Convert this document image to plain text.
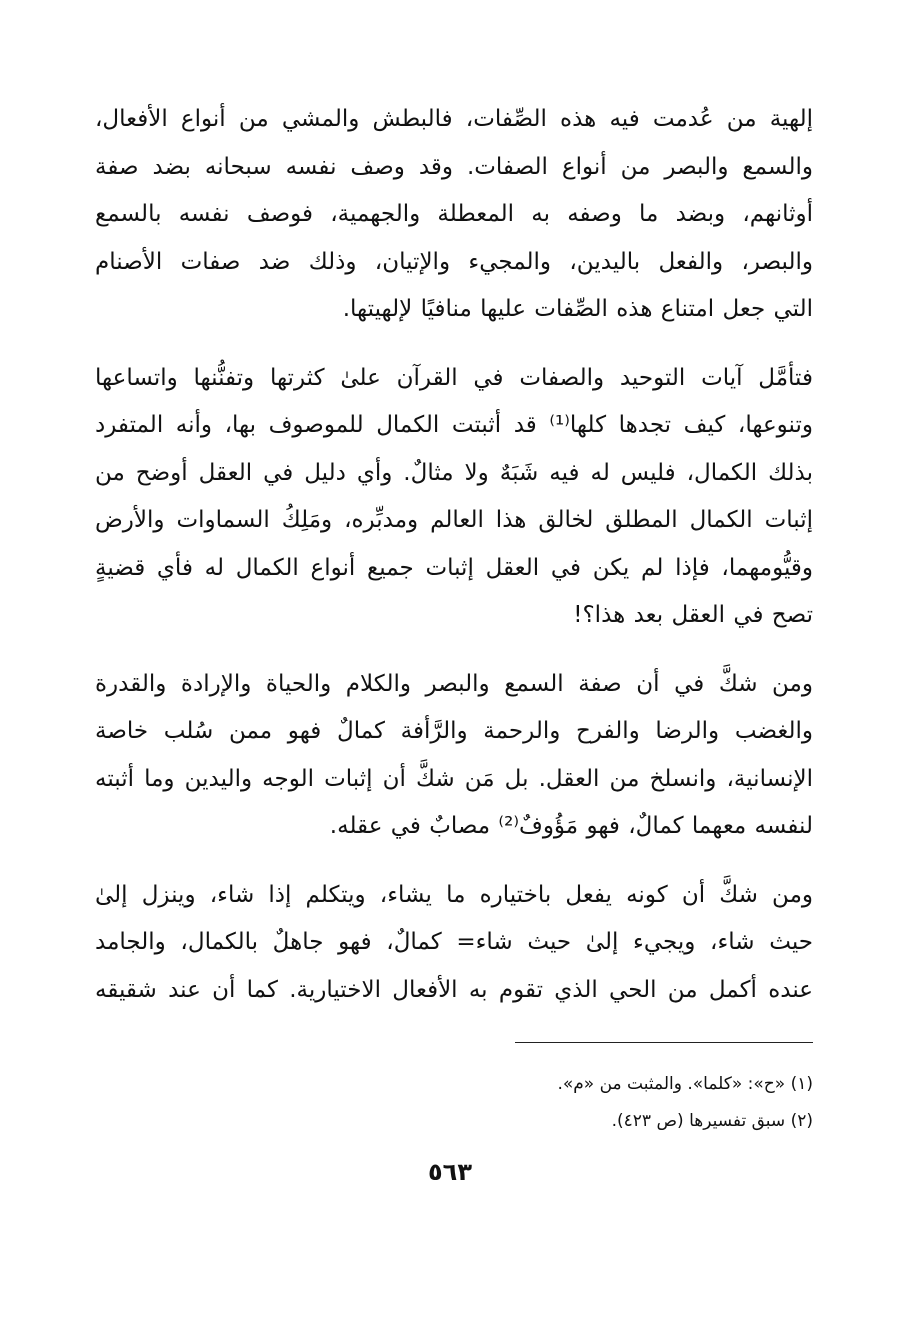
إلهية من عُدمت فيه هذه الصِّفات، فالبطش والمشي من أنواع الأفعال،
والسمع والبصر من أنواع الصفات. وقد وصف نفسه سبحانه بضد صفة
أوثانهم، وبضد ما وصفه به المعطلة والجهمية، فوصف نفسه بالسمع
والبصر، والفعل باليدين، والمجيء والإتيان، وذلك ضد صفات الأصنام
التي جعل امتناع هذه الصِّفات عليها منافيًا لإلهيتها.

فتأمَّل آيات التوحيد والصفات في القرآن علىٰ كثرتها وتفنُّنها واتساعها
وتنوعها، كيف تجدها كلها⁽¹⁾ قد أثبتت الكمال للموصوف بها، وأنه المتفرد
بذلك الكمال، فليس له فيه شَبَهٌ ولا مثالٌ. وأي دليل في العقل أوضح من
إثبات الكمال المطلق لخالق هذا العالم ومدبِّره، ومَلِكُ السماوات والأرض
وقيُّومهما، فإذا لم يكن في العقل إثبات جميع أنواع الكمال له فأي قضيةٍ
تصح في العقل بعد هذا؟!

ومن شكَّ في أن صفة السمع والبصر والكلام والحياة والإرادة والقدرة
والغضب والرضا والفرح والرحمة والرَّأفة كمالٌ فهو ممن سُلب خاصة
الإنسانية، وانسلخ من العقل. بل مَن شكَّ أن إثبات الوجه واليدين وما أثبته
لنفسه معهما كمالٌ، فهو مَؤُوفٌ⁽²⁾ مصابٌ في عقله.

ومن شكَّ أن كونه يفعل باختياره ما يشاء، ويتكلم إذا شاء، وينزل إلىٰ
حيث شاء، ويجيء إلىٰ حيث شاء= كمالٌ، فهو جاهلٌ بالكمال، والجامد
عنده أكمل من الحي الذي تقوم به الأفعال الاختيارية. كما أن عند شقيقه

(١) «ح»: «كلما». والمثبت من «م».
(٢) سبق تفسيرها (ص ٤٢٣).
٥٦٣
